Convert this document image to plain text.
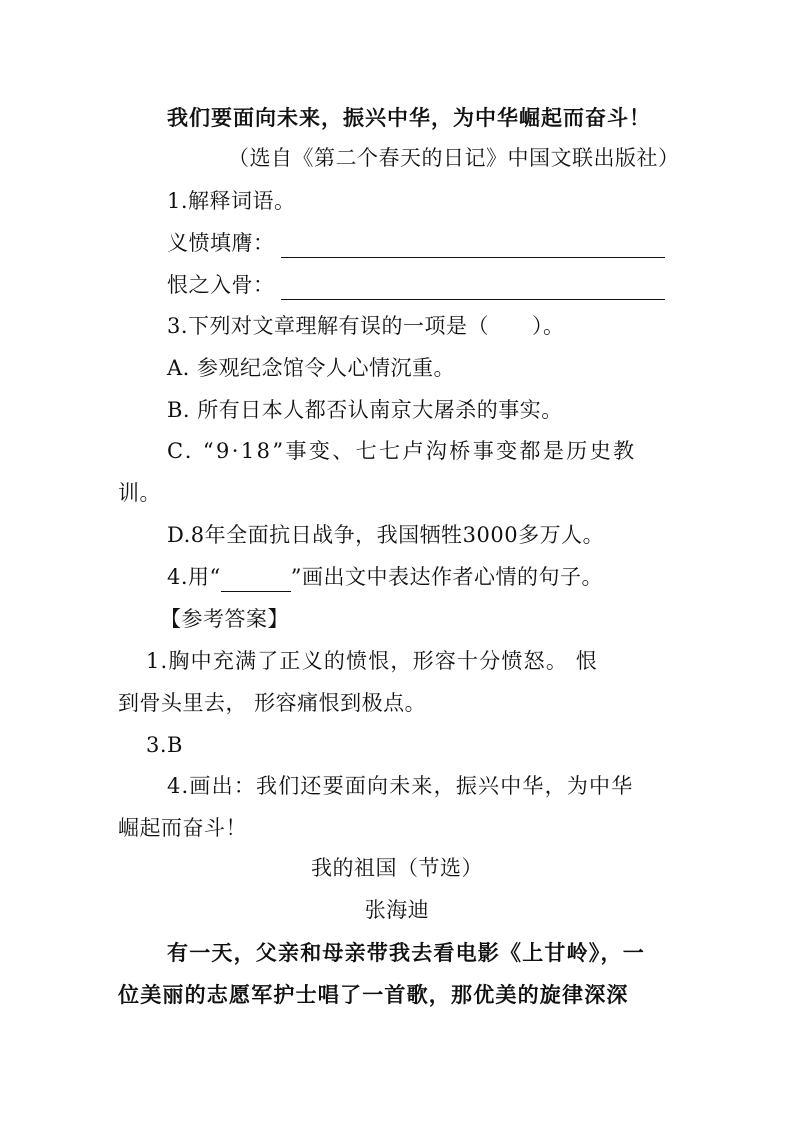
我们要面向未来，振兴中华，为中华崛起而奋斗！
（选自《第二个春天的日记》中国文联出版社）
1.解释词语。
义愤填膺：
恨之入骨：
3.下列对文章理解有误的一项是（　　）。
A. 参观纪念馆令人心情沉重。
B. 所有日本人都否认南京大屠杀的事实。
C. “9·18”事变、七七卢沟桥事变都是历史教
训。
D.8年全面抗日战争，我国牺牲3000多万人。
4.用“	”画出文中表达作者心情的句子。
【参考答案】
1.胸中充满了正义的愤恨，形容十分愤怒。 恨
到骨头里去， 形容痛恨到极点。
3.B
4.画出：我们还要面向未来，振兴中华，为中华
崛起而奋斗！
我的祖国（节选）
张海迪
有一天，父亲和母亲带我去看电影《上甘岭》，一
位美丽的志愿军护士唱了一首歌，那优美的旋律深深
